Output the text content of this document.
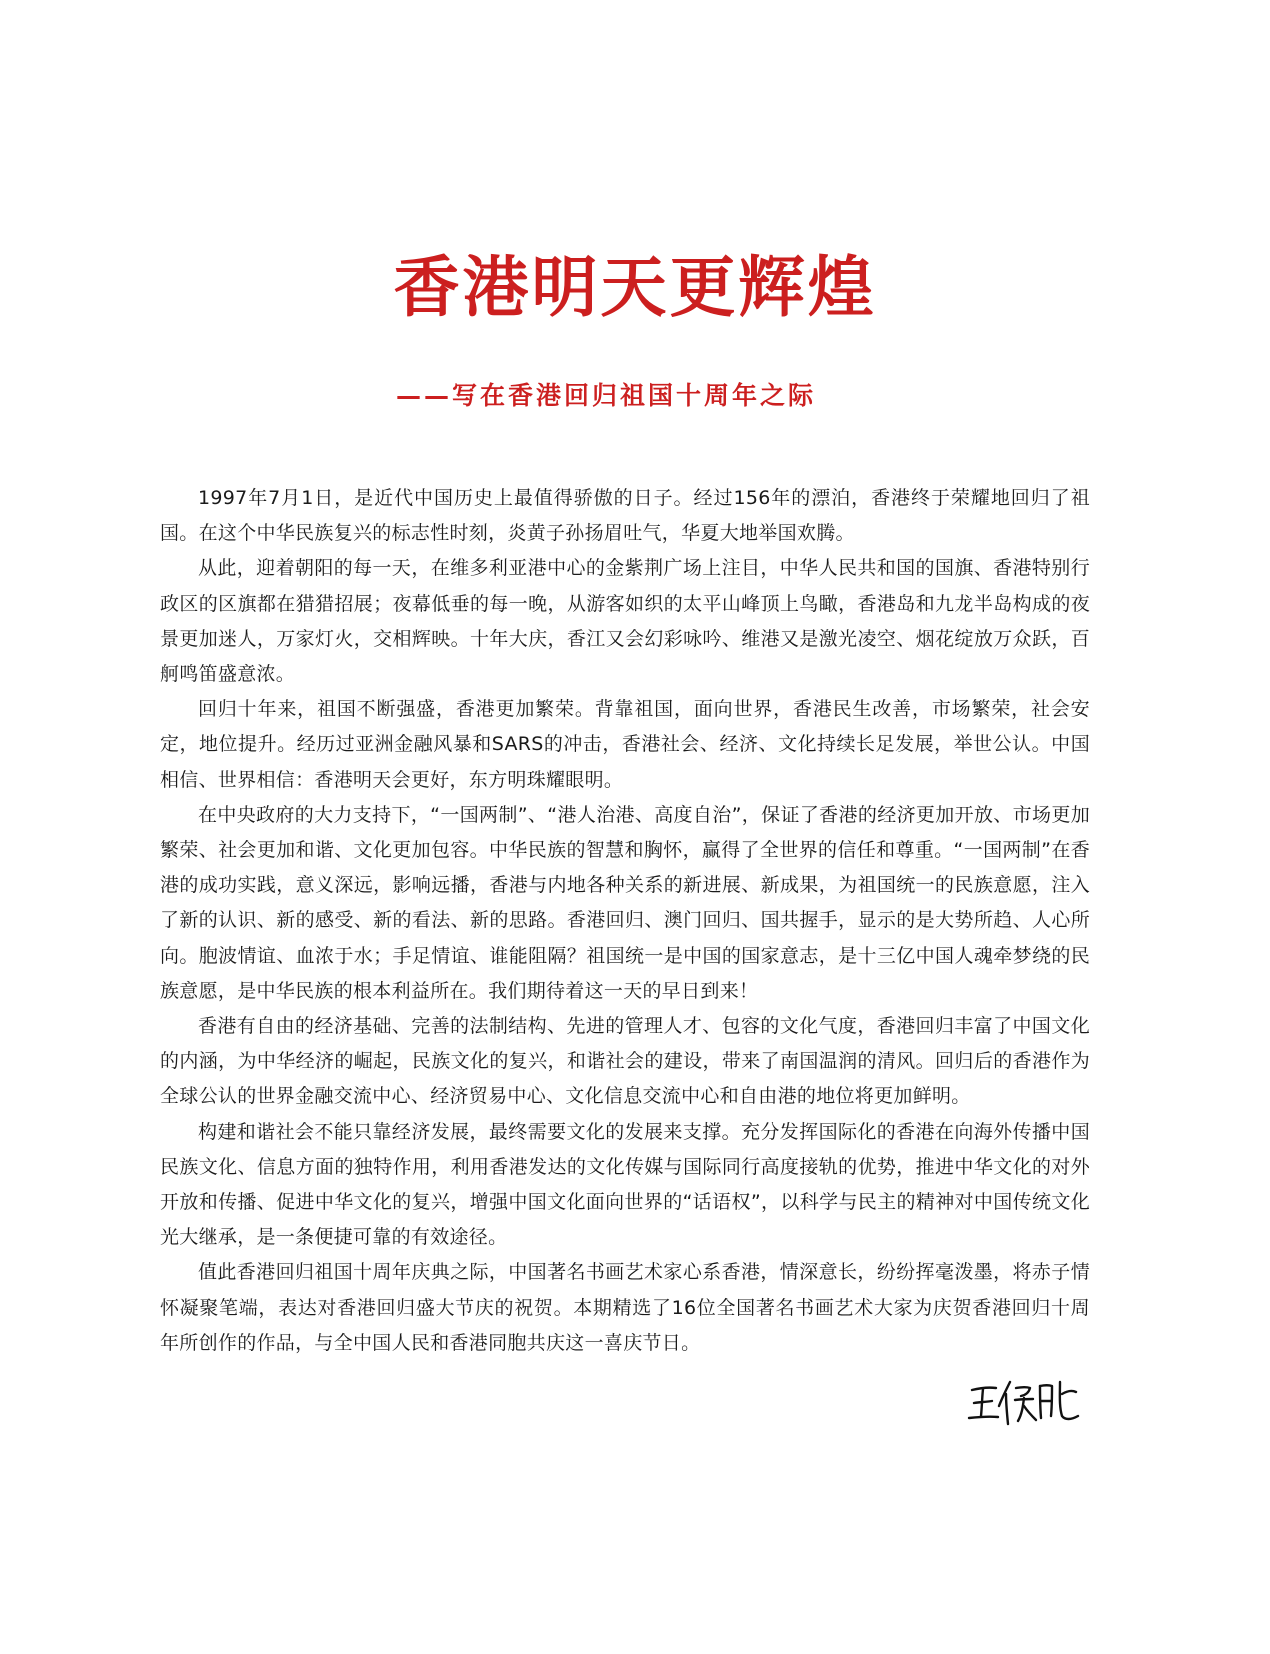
香港明天更辉煌
——写在香港回归祖国十周年之际

1997年7月1日，是近代中国历史上最值得骄傲的日子。经过156年的漂泊，香港终于荣耀地回归了祖国。在这个中华民族复兴的标志性时刻，炎黄子孙扬眉吐气，华夏大地举国欢腾。

从此，迎着朝阳的每一天，在维多利亚港中心的金紫荆广场上注目，中华人民共和国的国旗、香港特别行政区的区旗都在猎猎招展；夜幕低垂的每一晚，从游客如织的太平山峰顶上鸟瞰，香港岛和九龙半岛构成的夜景更加迷人，万家灯火，交相辉映。十年大庆，香江又会幻彩咏吟、维港又是激光凌空、烟花绽放万众跃，百舸鸣笛盛意浓。

回归十年来，祖国不断强盛，香港更加繁荣。背靠祖国，面向世界，香港民生改善，市场繁荣，社会安定，地位提升。经历过亚洲金融风暴和SARS的冲击，香港社会、经济、文化持续长足发展，举世公认。中国相信、世界相信：香港明天会更好，东方明珠耀眼明。

在中央政府的大力支持下，“一国两制”、“港人治港、高度自治”，保证了香港的经济更加开放、市场更加繁荣、社会更加和谐、文化更加包容。中华民族的智慧和胸怀，赢得了全世界的信任和尊重。“一国两制”在香港的成功实践，意义深远，影响远播，香港与内地各种关系的新进展、新成果，为祖国统一的民族意愿，注入了新的认识、新的感受、新的看法、新的思路。香港回归、澳门回归、国共握手，显示的是大势所趋、人心所向。胞波情谊、血浓于水；手足情谊、谁能阻隔？祖国统一是中国的国家意志，是十三亿中国人魂牵梦绕的民族意愿，是中华民族的根本利益所在。我们期待着这一天的早日到来！

香港有自由的经济基础、完善的法制结构、先进的管理人才、包容的文化气度，香港回归丰富了中国文化的内涵，为中华经济的崛起，民族文化的复兴，和谐社会的建设，带来了南国温润的清风。回归后的香港作为全球公认的世界金融交流中心、经济贸易中心、文化信息交流中心和自由港的地位将更加鲜明。

构建和谐社会不能只靠经济发展，最终需要文化的发展来支撑。充分发挥国际化的香港在向海外传播中国民族文化、信息方面的独特作用，利用香港发达的文化传媒与国际同行高度接轨的优势，推进中华文化的对外开放和传播、促进中华文化的复兴，增强中国文化面向世界的“话语权”，以科学与民主的精神对中国传统文化光大继承，是一条便捷可靠的有效途径。

值此香港回归祖国十周年庆典之际，中国著名书画艺术家心系香港，情深意长，纷纷挥毫泼墨，将赤子情怀凝聚笔端，表达对香港回归盛大节庆的祝贺。本期精选了16位全国著名书画艺术大家为庆贺香港回归十周年所创作的作品，与全中国人民和香港同胞共庆这一喜庆节日。
